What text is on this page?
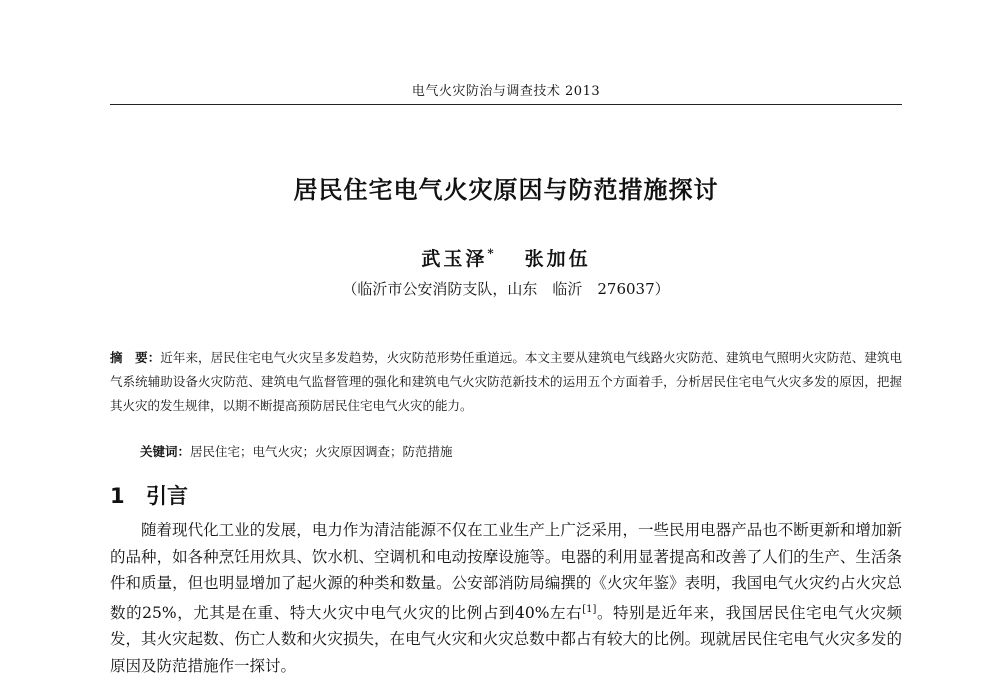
电气火灾防治与调查技术 2013
居民住宅电气火灾原因与防范措施探讨
武玉泽* 张加伍
（临沂市公安消防支队，山东　临沂　276037）
摘　要：近年来，居民住宅电气火灾呈多发趋势，火灾防范形势任重道远。本文主要从建筑电气线路火灾防范、建筑电气照明火灾防范、建筑电气系统辅助设备火灾防范、建筑电气监督管理的强化和建筑电气火灾防范新技术的运用五个方面着手，分析居民住宅电气火灾多发的原因，把握其火灾的发生规律，以期不断提高预防居民住宅电气火灾的能力。
关键词：居民住宅；电气火灾；火灾原因调查；防范措施
1 引言
随着现代化工业的发展，电力作为清洁能源不仅在工业生产上广泛采用，一些民用电器产品也不断更新和增加新的品种，如各种烹饪用炊具、饮水机、空调机和电动按摩设施等。电器的利用显著提高和改善了人们的生产、生活条件和质量，但也明显增加了起火源的种类和数量。公安部消防局编撰的《火灾年鉴》表明，我国电气火灾约占火灾总数的25%，尤其是在重、特大火灾中电气火灾的比例占到40%左右[1]。特别是近年来，我国居民住宅电气火灾频发，其火灾起数、伤亡人数和火灾损失，在电气火灾和火灾总数中都占有较大的比例。现就居民住宅电气火灾多发的原因及防范措施作一探讨。
